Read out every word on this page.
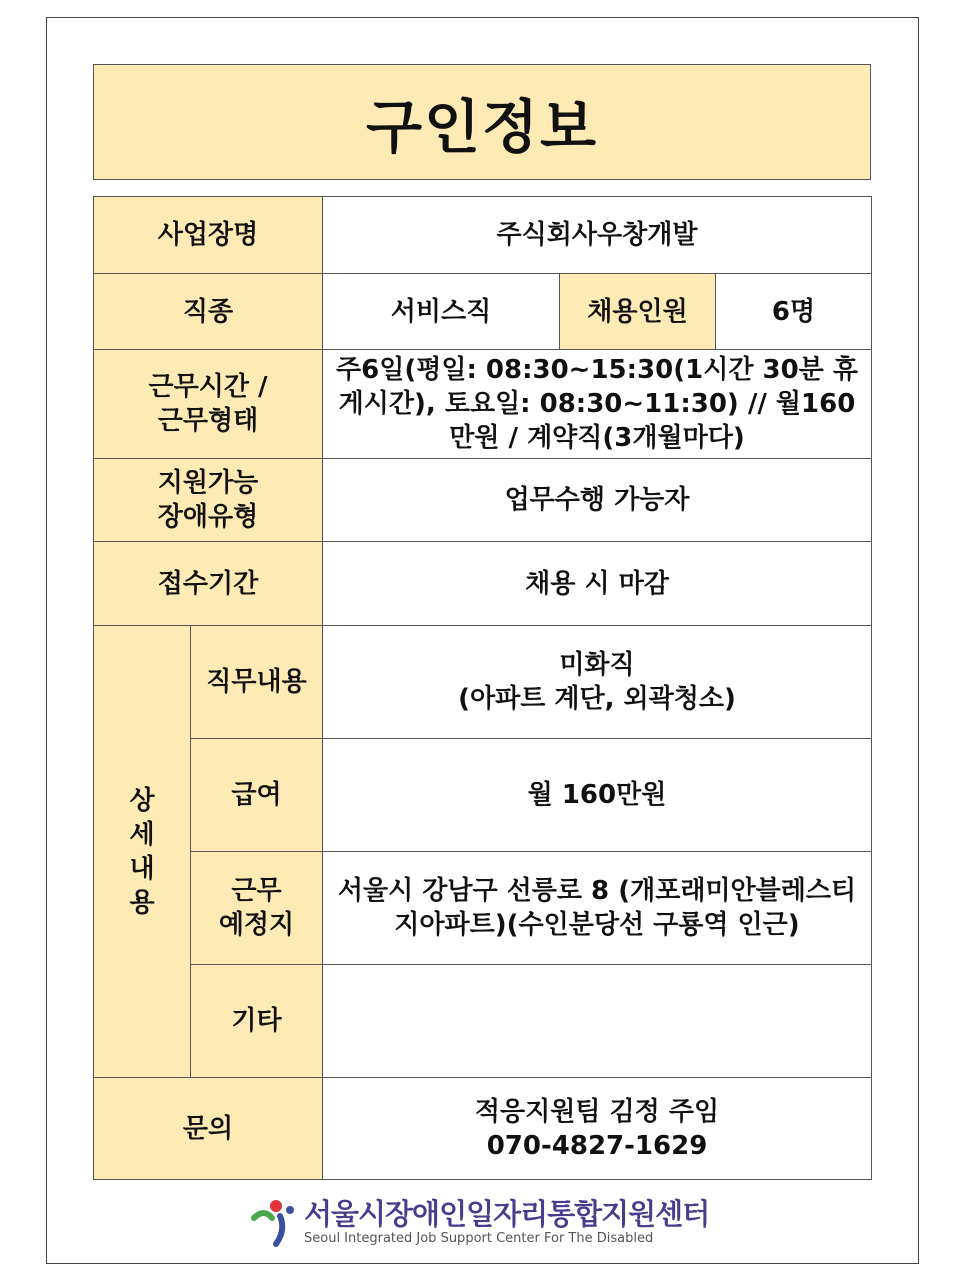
구인정보
사업장명		주식회사우창개발		
직종		서비스직	채용인원	6명

근무시간 / 근무형태		주6일(평일: 08:30~15:30(1시간 30분 휴게시간), 토요일: 08:30~11:30) // 월160만원 / 계약직(3개월마다)		

지원가능 장애유형		업무수행 가능자		
접수기간		채용 시 마감		
상세내용	직무내용	미화직
(아파트 계단, 외곽청소)		

	급여	월 160만원		

	근무
예정지	서울시 강남구 선릉로 8 (개포래미안블레스티지아파트)(수인분당선 구룡역 인근)		
	기타			
문의		적응지원팀 김정 주임
070-4827-1629		
서울시장애인일자리통합지원센터
Seoul Integrated Job Support Center For The Disabled
